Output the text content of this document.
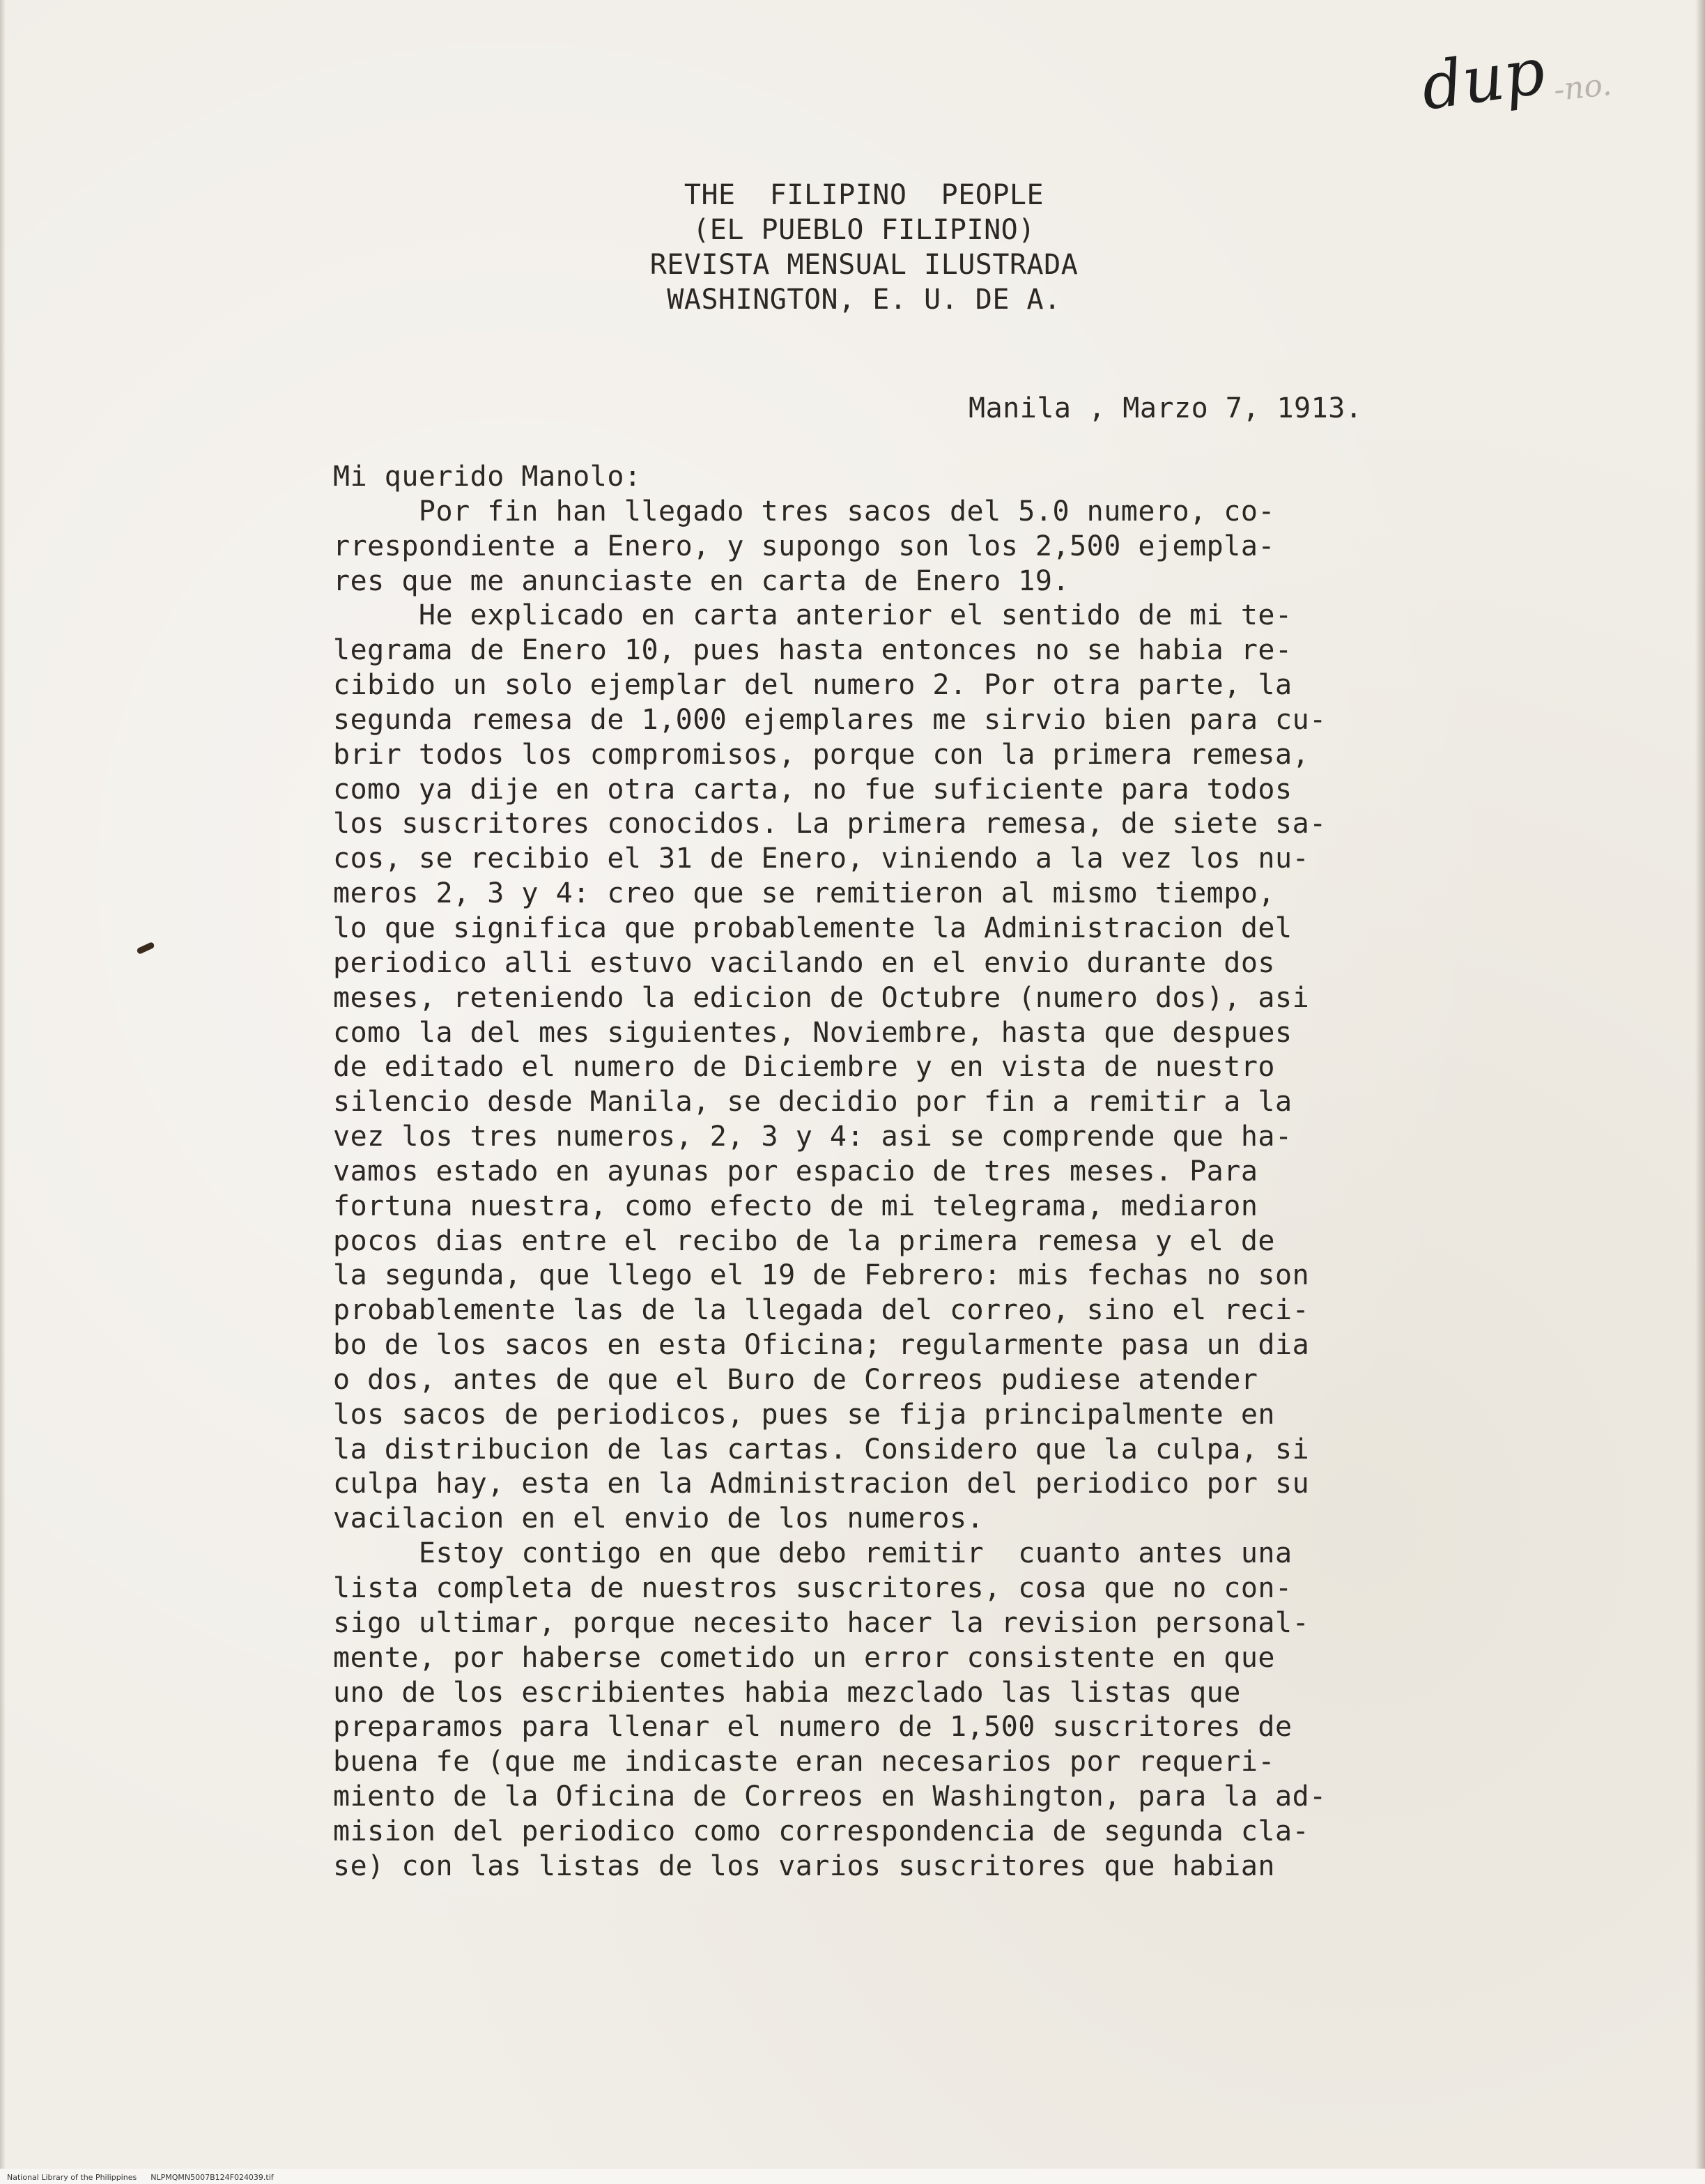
dup -no.
THE  FILIPINO  PEOPLE
(EL PUEBLO FILIPINO)
REVISTA MENSUAL ILUSTRADA
WASHINGTON, E. U. DE A.
Manila , Marzo 7, 1913.
Mi querido Manolo:
Por fin han llegado tres sacos del 5.0 numero, co-
rrespondiente a Enero, y supongo son los 2,500 ejempla-
res que me anunciaste en carta de Enero 19.
He explicado en carta anterior el sentido de mi te-
legrama de Enero 10, pues hasta entonces no se habia re-
cibido un solo ejemplar del numero 2. Por otra parte, la
segunda remesa de 1,000 ejemplares me sirvio bien para cu-
brir todos los compromisos, porque con la primera remesa,
como ya dije en otra carta, no fue suficiente para todos
los suscritores conocidos. La primera remesa, de siete sa-
cos, se recibio el 31 de Enero, viniendo a la vez los nu-
meros 2, 3 y 4: creo que se remitieron al mismo tiempo,
lo que significa que probablemente la Administracion del
periodico alli estuvo vacilando en el envio durante dos
meses, reteniendo la edicion de Octubre (numero dos), asi
como la del mes siguientes, Noviembre, hasta que despues
de editado el numero de Diciembre y en vista de nuestro
silencio desde Manila, se decidio por fin a remitir a la
vez los tres numeros, 2, 3 y 4: asi se comprende que ha-
vamos estado en ayunas por espacio de tres meses. Para
fortuna nuestra, como efecto de mi telegrama, mediaron
pocos dias entre el recibo de la primera remesa y el de
la segunda, que llego el 19 de Febrero: mis fechas no son
probablemente las de la llegada del correo, sino el reci-
bo de los sacos en esta Oficina; regularmente pasa un dia
o dos, antes de que el Buro de Correos pudiese atender
los sacos de periodicos, pues se fija principalmente en
la distribucion de las cartas. Considero que la culpa, si
culpa hay, esta en la Administracion del periodico por su
vacilacion en el envio de los numeros.
Estoy contigo en que debo remitir  cuanto antes una
lista completa de nuestros suscritores, cosa que no con-
sigo ultimar, porque necesito hacer la revision personal-
mente, por haberse cometido un error consistente en que
uno de los escribientes habia mezclado las listas que
preparamos para llenar el numero de 1,500 suscritores de
buena fe (que me indicaste eran necesarios por requeri-
miento de la Oficina de Correos en Washington, para la ad-
mision del periodico como correspondencia de segunda cla-
se) con las listas de los varios suscritores que habian
National Library of the Philippines NLPMQMN5007B124F024039.tif
